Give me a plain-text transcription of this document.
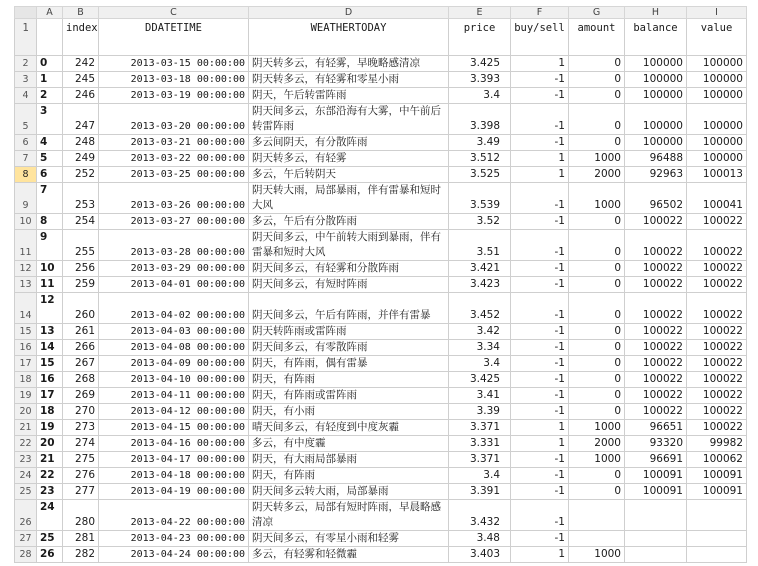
	A	B	C	D	E	F	G	H	I
1		index	DDATETIME	WEATHERTODAY	price	buy/sell	amount	balance	value
2	0	242	2013-03-15 00:00:00	阴天转多云，有轻雾，早晚略感清凉	3.425	1	0	100000	100000
3	1	245	2013-03-18 00:00:00	阴天转多云，有轻雾和零星小雨	3.393	-1	0	100000	100000
4	2	246	2013-03-19 00:00:00	阴天，午后转雷阵雨	3.4	-1	0	100000	100000
5	3	247	2013-03-20 00:00:00	阴天间多云，东部沿海有大雾，中午前后转雷阵雨	3.398	-1	0	100000	100000
6	4	248	2013-03-21 00:00:00	多云间阴天，有分散阵雨	3.49	-1	0	100000	100000
7	5	249	2013-03-22 00:00:00	阴天转多云，有轻雾	3.512	1	1000	96488	100000
8	6	252	2013-03-25 00:00:00	多云，午后转阴天	3.525	1	2000	92963	100013
9	7	253	2013-03-26 00:00:00	阴天转大雨，局部暴雨，伴有雷暴和短时大风	3.539	-1	1000	96502	100041
10	8	254	2013-03-27 00:00:00	多云，午后有分散阵雨	3.52	-1	0	100022	100022
11	9	255	2013-03-28 00:00:00	阴天间多云，中午前转大雨到暴雨，伴有雷暴和短时大风	3.51	-1	0	100022	100022
12	10	256	2013-03-29 00:00:00	阴天间多云，有轻雾和分散阵雨	3.421	-1	0	100022	100022
13	11	259	2013-04-01 00:00:00	阴天间多云，有短时阵雨	3.423	-1	0	100022	100022
14	12	260	2013-04-02 00:00:00	阴天间多云，午后有阵雨，并伴有雷暴	3.452	-1	0	100022	100022
15	13	261	2013-04-03 00:00:00	阴天转阵雨或雷阵雨	3.42	-1	0	100022	100022
16	14	266	2013-04-08 00:00:00	阴天间多云，有零散阵雨	3.34	-1	0	100022	100022
17	15	267	2013-04-09 00:00:00	阴天，有阵雨，偶有雷暴	3.4	-1	0	100022	100022
18	16	268	2013-04-10 00:00:00	阴天，有阵雨	3.425	-1	0	100022	100022
19	17	269	2013-04-11 00:00:00	阴天，有阵雨或雷阵雨	3.41	-1	0	100022	100022
20	18	270	2013-04-12 00:00:00	阴天，有小雨	3.39	-1	0	100022	100022
21	19	273	2013-04-15 00:00:00	晴天间多云，有轻度到中度灰霾	3.371	1	1000	96651	100022
22	20	274	2013-04-16 00:00:00	多云，有中度霾	3.331	1	2000	93320	99982
23	21	275	2013-04-17 00:00:00	阴天，有大雨局部暴雨	3.371	-1	1000	96691	100062
24	22	276	2013-04-18 00:00:00	阴天，有阵雨	3.4	-1	0	100091	100091
25	23	277	2013-04-19 00:00:00	阴天间多云转大雨，局部暴雨	3.391	-1	0	100091	100091
26	24	280	2013-04-22 00:00:00	阴天转多云，局部有短时阵雨，早晨略感清凉	3.432	-1			
27	25	281	2013-04-23 00:00:00	阴天间多云，有零星小雨和轻雾	3.48	-1			
28	26	282	2013-04-24 00:00:00	多云，有轻雾和轻微霾	3.403	1	1000		
